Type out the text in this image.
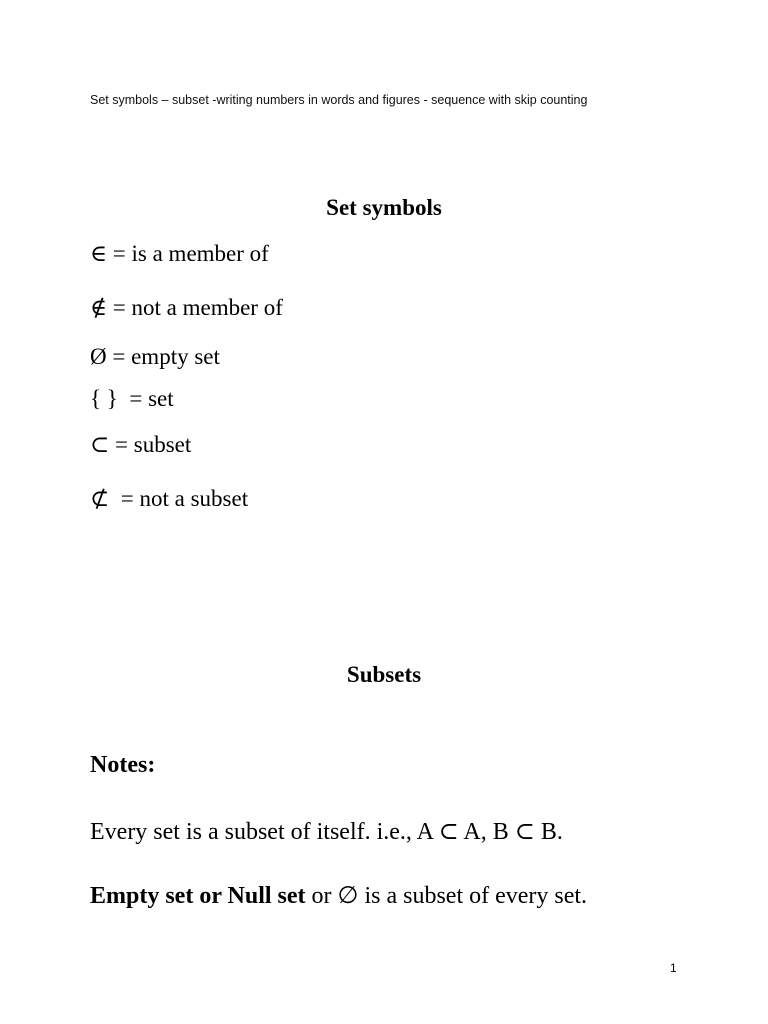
Set symbols – subset -writing numbers in words and figures - sequence with skip counting
Set symbols
∈ = is a member of
∉ = not a member of
Ø = empty set
{ }  = set
⊂ = subset
⊄  = not a subset
Subsets
Notes:
Every set is a subset of itself. i.e., A ⊂ A, B ⊂ B.
Empty set or Null set or ∅ is a subset of every set.
1
